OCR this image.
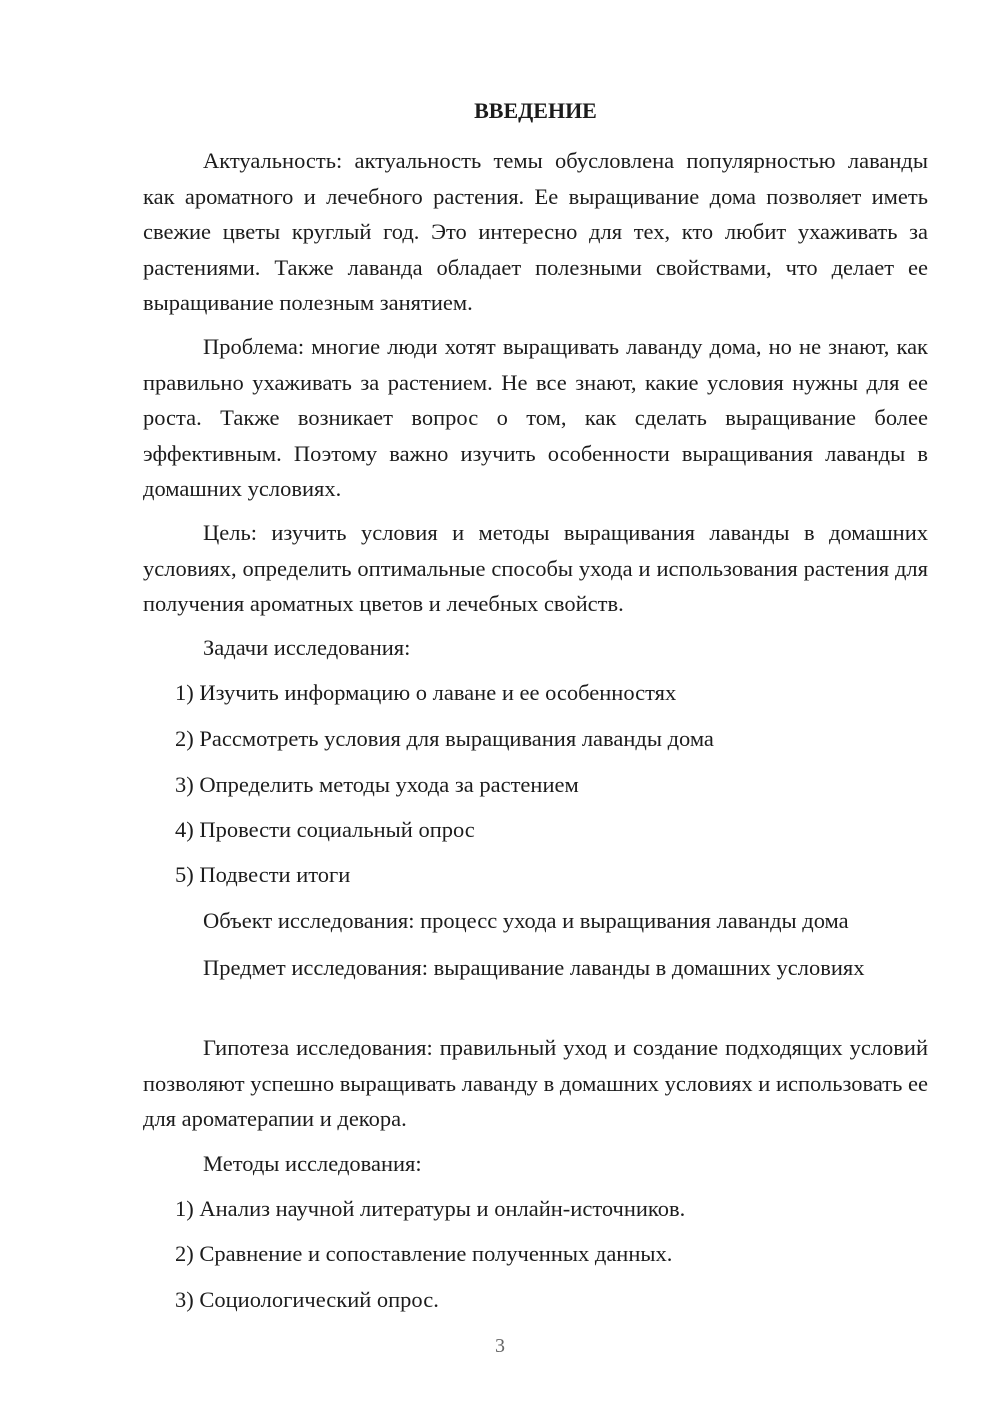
ВВЕДЕНИЕ

Актуальность: актуальность темы обусловлена популярностью лаванды как ароматного и лечебного растения. Ее выращивание дома позволяет иметь свежие цветы круглый год. Это интересно для тех, кто любит ухаживать за растениями. Также лаванда обладает полезными свойствами, что делает ее выращивание полезным занятием.

Проблема: многие люди хотят выращивать лаванду дома, но не знают, как правильно ухаживать за растением. Не все знают, какие условия нужны для ее роста. Также возникает вопрос о том, как сделать выращивание более эффективным. Поэтому важно изучить особенности выращивания лаванды в домашних условиях.

Цель: изучить условия и методы выращивания лаванды в домашних условиях, определить оптимальные способы ухода и использования растения для получения ароматных цветов и лечебных свойств.

Задачи исследования:

1) Изучить информацию о лаване и ее особенностях

2) Рассмотреть условия для выращивания лаванды дома

3) Определить методы ухода за растением

4) Провести социальный опрос

5) Подвести итоги

Объект исследования: процесс ухода и выращивания лаванды дома

Предмет исследования: выращивание лаванды в домашних условиях

Гипотеза исследования: правильный уход и создание подходящих условий позволяют успешно выращивать лаванду в домашних условиях и использовать ее для ароматерапии и декора.

Методы исследования:

1) Анализ научной литературы и онлайн-источников.

2) Сравнение и сопоставление полученных данных.

3) Социологический опрос.

3
